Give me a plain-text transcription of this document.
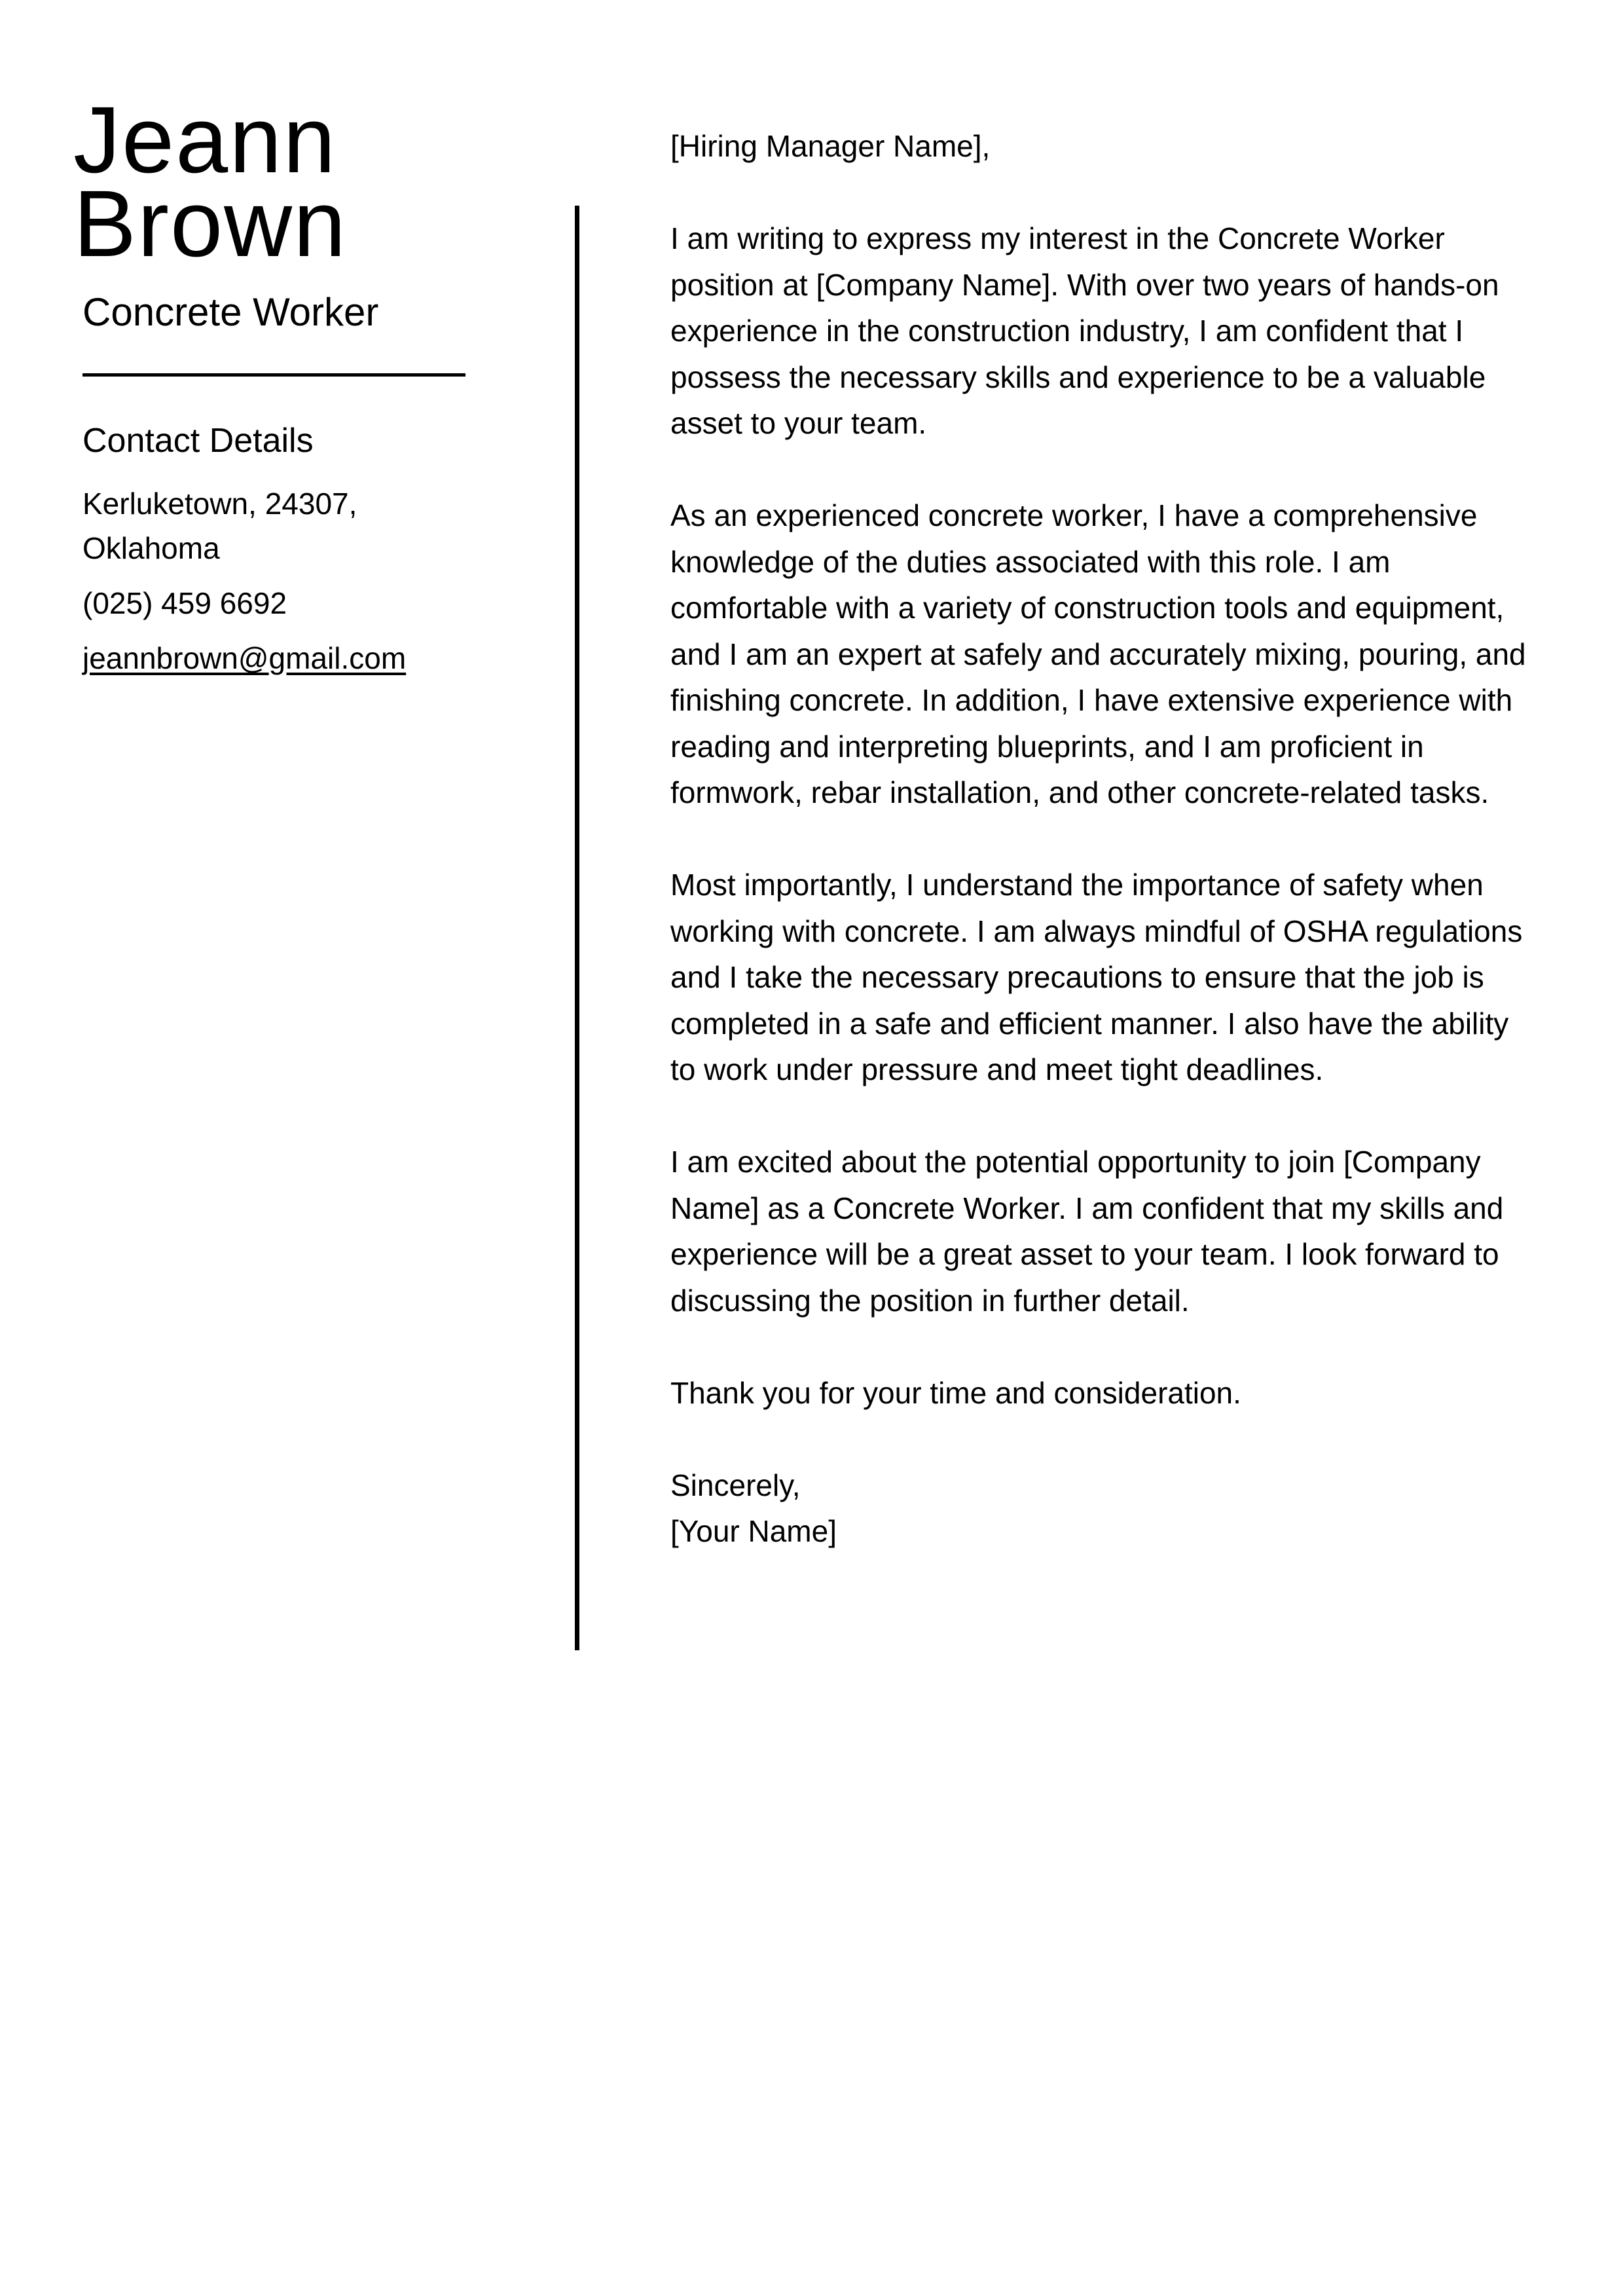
Jeann
Brown
Concrete Worker
Contact Details

Kerluketown, 24307, Oklahoma

(025) 459 6692

jeannbrown@gmail.com

[Hiring Manager Name],

I am writing to express my interest in the Concrete Worker position at [Company Name]. With over two years of hands-on experience in the construction industry, I am confident that I possess the necessary skills and experience to be a valuable asset to your team.

As an experienced concrete worker, I have a comprehensive knowledge of the duties associated with this role. I am comfortable with a variety of construction tools and equipment, and I am an expert at safely and accurately mixing, pouring, and finishing concrete. In addition, I have extensive experience with reading and interpreting blueprints, and I am proficient in formwork, rebar installation, and other concrete-related tasks.

Most importantly, I understand the importance of safety when working with concrete. I am always mindful of OSHA regulations and I take the necessary precautions to ensure that the job is completed in a safe and efficient manner. I also have the ability to work under pressure and meet tight deadlines.

I am excited about the potential opportunity to join [Company Name] as a Concrete Worker. I am confident that my skills and experience will be a great asset to your team. I look forward to discussing the position in further detail.

Thank you for your time and consideration.

Sincerely,

[Your Name]
